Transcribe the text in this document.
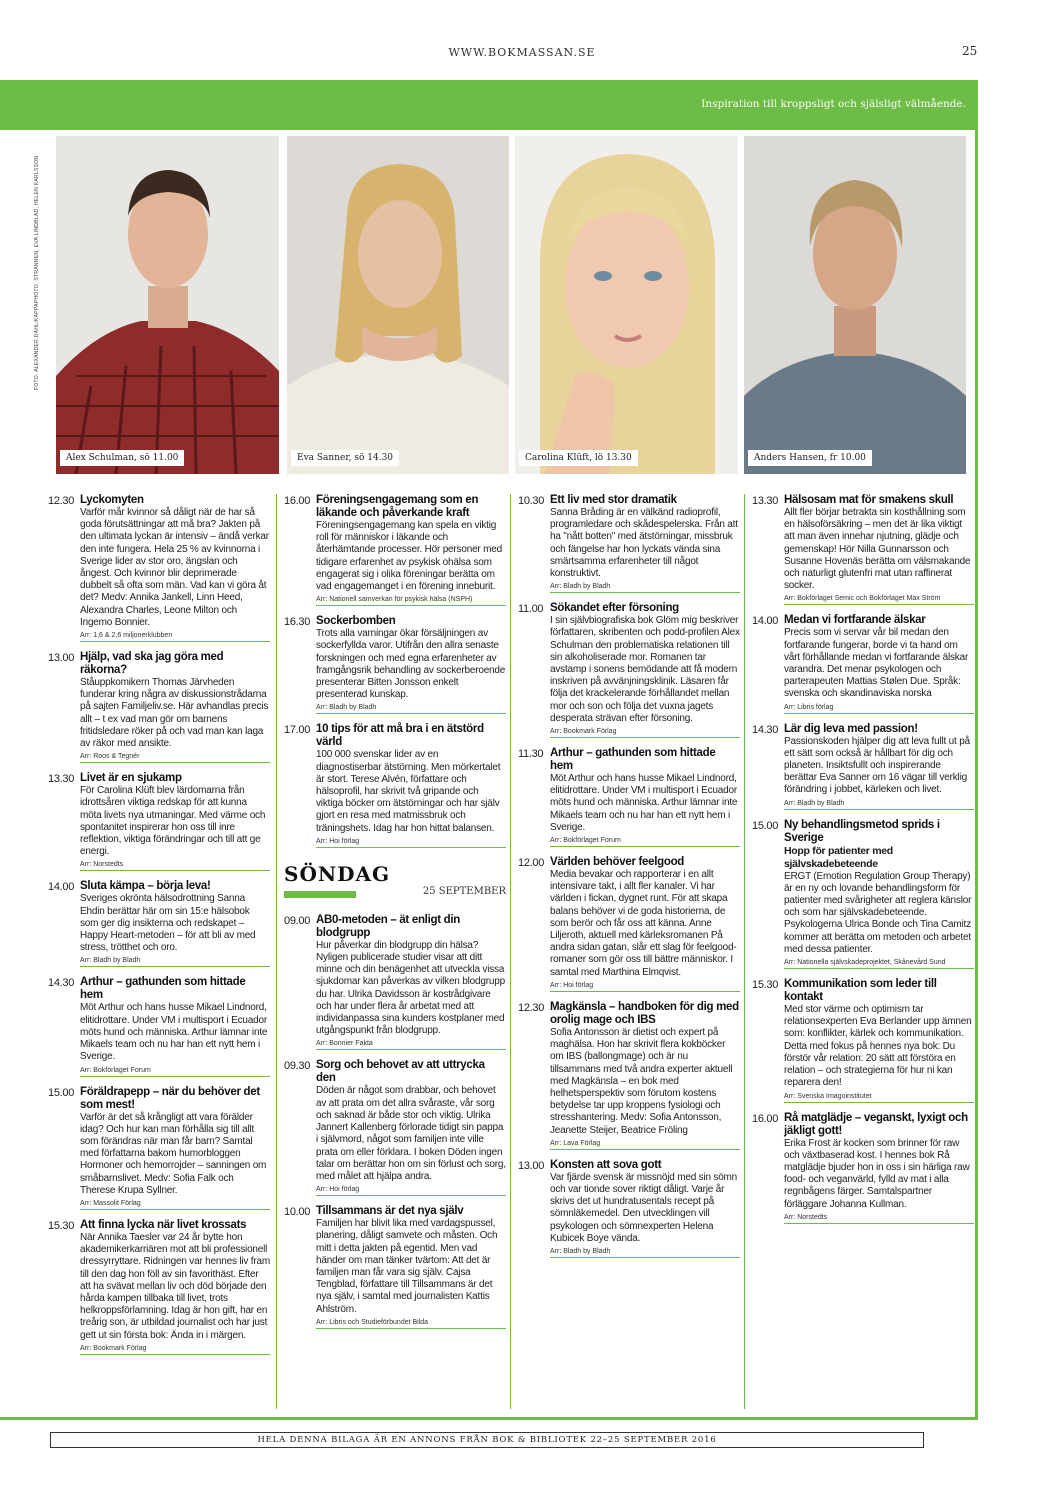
WWW.BOKMASSAN.SE	25
Inspiration till kroppsligt och själsligt välmående.
FOTO: ALEXANDER DAHL/KAPPAPHOTO, STRANNEN, EVA LINDBLAD, HELEN KARLSSON
Alex Schulman, sö 11.00	Eva Sanner, sö 14.30	Carolina Klüft, lö 13.30	Anders Hansen, fr 10.00
12.30 Lyckomyten
Varför mår kvinnor så dåligt när de har så goda förutsättningar att må bra? Jakten på den ultimata lyckan är intensiv – ändå verkar den inte fungera. Hela 25 % av kvinnorna i Sverige lider av stor oro, ängslan och ångest. Och kvinnor blir deprimerade dubbelt så ofta som män. Vad kan vi göra åt det? Medv: Annika Jankell, Linn Heed, Alexandra Charles, Leone Milton och Ingemo Bonnier.
Arr: 1,6 & 2,6 miljonerklubben
13.00 Hjälp, vad ska jag göra med räkorna?
Ståuppkomikern Thomas Järvheden funderar kring några av diskussionstrådarna på sajten Familjeliv.se. Här avhandlas precis allt – t ex vad man gör om barnens fritidsledare röker på och vad man kan laga av räkor med ansikte.
Arr: Roos & Tegnér
13.30 Livet är en sjukamp
För Carolina Klüft blev lärdomarna från idrottsåren viktiga redskap för att kunna möta livets nya utmaningar. Med värme och spontanitet inspirerar hon oss till inre reflektion, viktiga förändringar och till att ge energi.
Arr: Norstedts
14.00 Sluta kämpa – börja leva!
Sveriges okrönta hälsodrottning Sanna Ehdin berättar här om sin 15:e hälsobok som ger dig insikterna och redskapet – Happy Heart-metoden – för att bli av med stress, trötthet och oro.
Arr: Bladh by Bladh
14.30 Arthur – gathunden som hittade hem
Möt Arthur och hans husse Mikael Lindnord, elitidrottare. Under VM i multisport i Ecuador möts hund och människa. Arthur lämnar inte Mikaels team och nu har han ett nytt hem i Sverige.
Arr: Bokförlaget Forum
15.00 Föräldrapepp – när du behöver det som mest!
Varför är det så krångligt att vara förälder idag? Och hur kan man förhålla sig till allt som förändras när man får barn? Samtal med författarna bakom humorbloggen Hormoner och hemorrojder – sanningen om småbarnslivet. Medv: Sofia Falk och Therese Krupa Syllner.
Arr: Massolit Förlag
15.30 Att finna lycka när livet krossats
När Annika Taesler var 24 år bytte hon akademikerkarriären mot att bli professionell dressyrryttare. Ridningen var hennes liv fram till den dag hon föll av sin favorithäst. Efter att ha svävat mellan liv och död började den hårda kampen tillbaka till livet, trots helkroppsförlamning. Idag är hon gift, har en treårig son, är utbildad journalist och har just gett ut sin första bok: Ända in i märgen.
Arr: Bookmark Förlag
16.00 Föreningsengagemang som en läkande och påverkande kraft
Föreningsengagemang kan spela en viktig roll för människor i läkande och återhämtande processer. Hör personer med tidigare erfarenhet av psykisk ohälsa som engagerat sig i olika föreningar berätta om vad engagemanget i en förening inneburit.
Arr: Nationell samverkan för psykisk hälsa (NSPH)
16.30 Sockerbomben
Trots alla varningar ökar försäljningen av sockerfyllda varor. Utifrån den allra senaste forskningen och med egna erfarenheter av framgångsrik behandling av sockerberoende presenterar Bitten Jonsson enkelt presenterad kunskap.
Arr: Bladh by Bladh
17.00 10 tips för att må bra i en ätstörd värld
100 000 svenskar lider av en diagnostiserbar ätstörning. Men mörkertalet är stort. Terese Alvén, författare och hälsoprofil, har skrivit två gripande och viktiga böcker om ätstörningar och har själv gjort en resa med matmissbruk och träningshets. Idag har hon hittat balansen.
Arr: Hoi förlag
SÖNDAG
25 SEPTEMBER
09.00 AB0-metoden – ät enligt din blodgrupp
Hur påverkar din blodgrupp din hälsa? Nyligen publicerade studier visar att ditt minne och din benägenhet att utveckla vissa sjukdomar kan påverkas av vilken blodgrupp du har. Ulrika Davidsson är kostrådgivare och har under flera år arbetat med att individanpassa sina kunders kostplaner med utgångspunkt från blodgrupp.
Arr: Bonnier Fakta
09.30 Sorg och behovet av att uttrycka den
Döden är något som drabbar, och behovet av att prata om det allra svåraste, vår sorg och saknad är både stor och viktig. Ulrika Jannert Kallenberg förlorade tidigt sin pappa i självmord, något som familjen inte ville prata om eller förklara. I boken Döden ingen talar om berättar hon om sin förlust och sorg, med målet att hjälpa andra.
Arr: Hoi förlag
10.00 Tillsammans är det nya själv
Familjen har blivit lika med vardagspussel, planering, dåligt samvete och måsten. Och mitt i detta jakten på egentid. Men vad händer om man tänker tvärtom: Att det är familjen man får vara sig själv. Cajsa Tengblad, författare till Tillsammans är det nya själv, i samtal med journalisten Kattis Ahlström.
Arr: Libris och Studieförbundet Bilda
10.30 Ett liv med stor dramatik
Sanna Bråding är en välkänd radioprofil, programledare och skådespelerska. Från att ha "nått botten" med ätstörningar, missbruk och fängelse har hon lyckats vända sina smärtsamma erfarenheter till något konstruktivt.
Arr: Bladh by Bladh
11.00 Sökandet efter försoning
I sin självbiografiska bok Glöm mig beskriver författaren, skribenten och podd-profilen Alex Schulman den problematiska relationen till sin alkoholiserade mor. Romanen tar avstamp i sonens bemödande att få modern inskriven på avvänjningsklinik. Läsaren får följa det krackelerande förhållandet mellan mor och son och följa det vuxna jagets desperata strävan efter försoning.
Arr: Bookmark Förlag
11.30 Arthur – gathunden som hittade hem
Möt Arthur och hans husse Mikael Lindnord, elitidrottare. Under VM i multisport i Ecuador möts hund och människa. Arthur lämnar inte Mikaels team och nu har han ett nytt hem i Sverige.
Arr: Bokförlaget Forum
12.00 Världen behöver feelgood
Media bevakar och rapporterar i en allt intensivare takt, i allt fler kanaler. Vi har världen i fickan, dygnet runt. För att skapa balans behöver vi de goda historierna, de som berör och får oss att känna. Anne Liljeroth, aktuell med kärleksromanen På andra sidan gatan, slår ett slag för feelgood-romaner som gör oss till bättre människor. I samtal med Marthina Elmqvist.
Arr: Hoi förlag
12.30 Magkänsla – handboken för dig med orolig mage och IBS
Sofia Antonsson är dietist och expert på maghälsa. Hon har skrivit flera kokböcker om IBS (ballongmage) och är nu tillsammans med två andra experter aktuell med Magkänsla – en bok med helhetsperspektiv som förutom kostens betydelse tar upp kroppens fysiologi och stresshantering. Medv: Sofia Antonsson, Jeanette Steijer, Beatrice Fröling
Arr: Lava Förlag
13.00 Konsten att sova gott
Var fjärde svensk är missnöjd med sin sömn och var tionde sover riktigt dåligt. Varje år skrivs det ut hundratusentals recept på sömnläkemedel. Den utvecklingen vill psykologen och sömnexperten Helena Kubicek Boye vända.
Arr: Bladh by Bladh
13.30 Hälsosam mat för smakens skull
Allt fler börjar betrakta sin kosthållning som en hälsoförsäkring – men det är lika viktigt att man även innehar njutning, glädje och gemenskap! Hör Nilla Gunnarsson och Susanne Hovenäs berätta om välsmakande och naturligt glutenfri mat utan raffinerat socker.
Arr: Bokförlaget Semic och Bokförlaget Max Ström
14.00 Medan vi fortfarande älskar
Precis som vi servar vår bil medan den fortfarande fungerar, borde vi ta hand om vårt förhållande medan vi fortfarande älskar varandra. Det menar psykologen och parterapeuten Mattias Stølen Due. Språk: svenska och skandinaviska norska
Arr: Libris förlag
14.30 Lär dig leva med passion!
Passionskoden hjälper dig att leva fullt ut på ett sätt som också är hållbart för dig och planeten. Insiktsfullt och inspirerande berättar Eva Sanner om 16 vägar till verklig förändring i jobbet, kärleken och livet.
Arr: Bladh by Bladh
15.00 Ny behandlingsmetod sprids i Sverige
Hopp för patienter med självskadebeteende
ERGT (Emotion Regulation Group Therapy) är en ny och lovande behandlingsform för patienter med svårigheter att reglera känslor och som har självskadebeteende. Psykologerna Ulrica Bonde och Tina Camitz kommer att berätta om metoden och arbetet med dessa patienter.
Arr: Nationella självskadeprojektet, Skånevård Sund
15.30 Kommunikation som leder till kontakt
Med stor värme och optimism tar relationsexperten Eva Berlander upp ämnen som: konflikter, kärlek och kommunikation. Detta med fokus på hennes nya bok: Du förstör vår relation: 20 sätt att förstöra en relation – och strategierna för hur ni kan reparera den!
Arr: Svenska Imagoinstitutet
16.00 Rå matglädje – veganskt, lyxigt och jäkligt gott!
Erika Frost är kocken som brinner för raw och växtbaserad kost. I hennes bok Rå matglädje bjuder hon in oss i sin härliga raw food- och veganvärld, fylld av mat i alla regnbågens färger. Samtalspartner förläggare Johanna Kullman.
Arr: Norstedts
HELA DENNA BILAGA ÄR EN ANNONS FRÅN BOK & BIBLIOTEK 22–25 SEPTEMBER 2016
